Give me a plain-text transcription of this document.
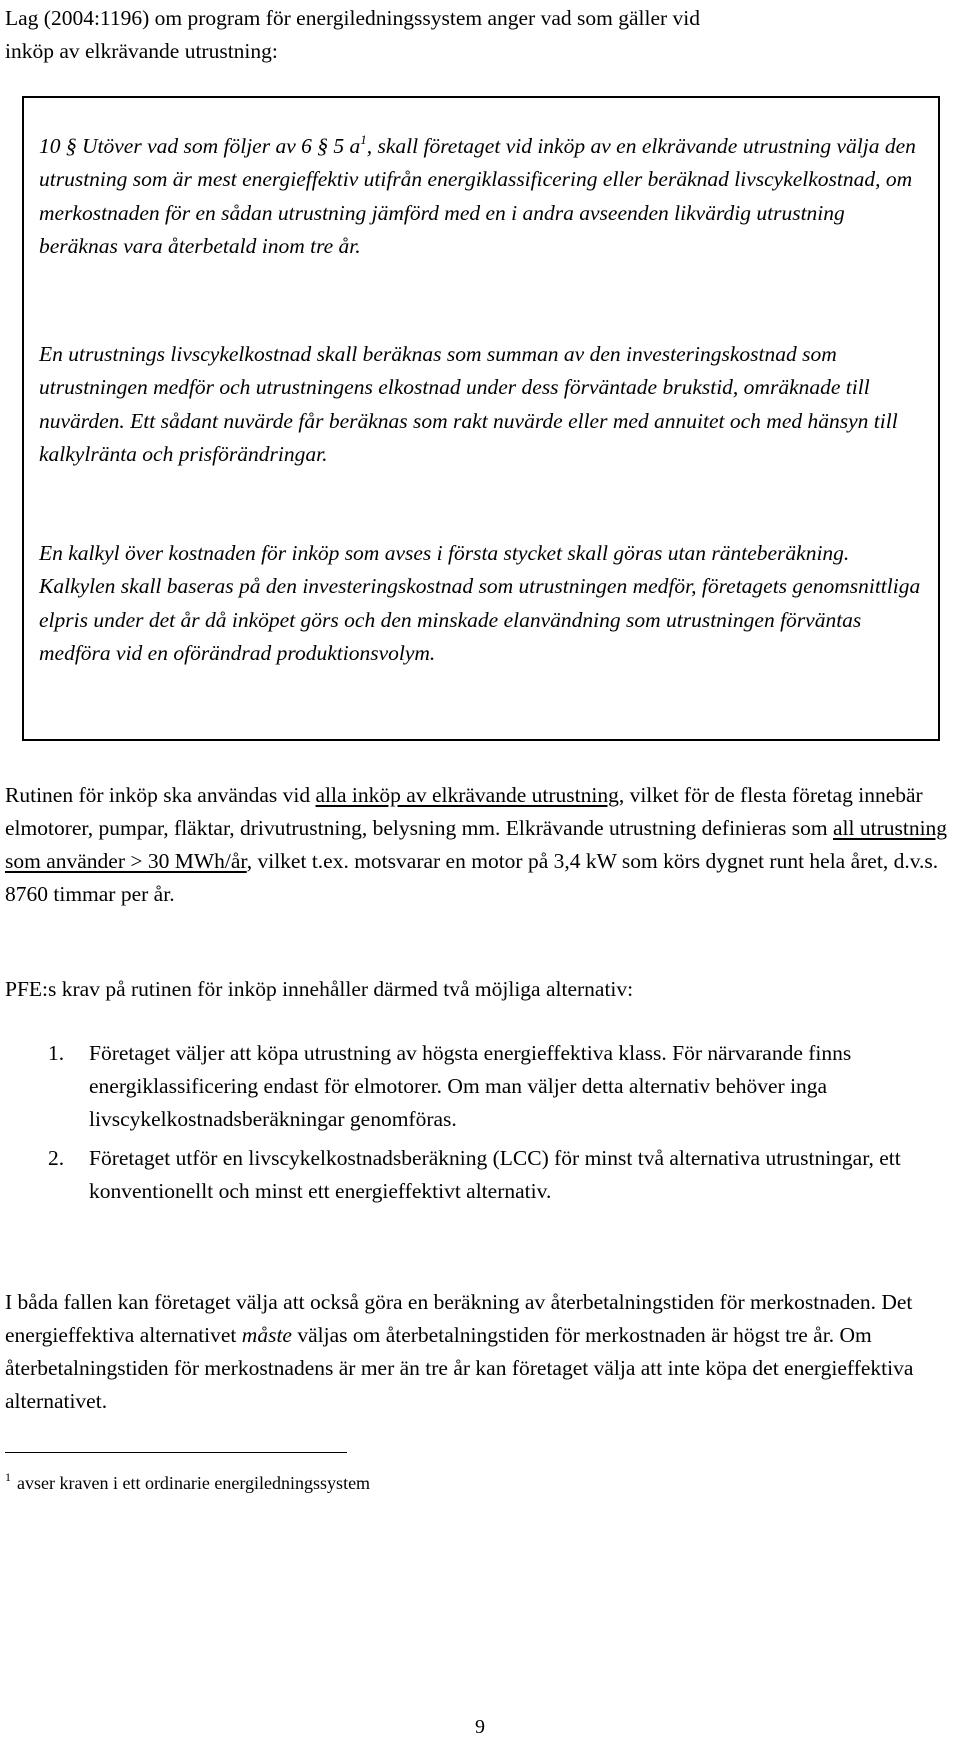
Lag (2004:1196) om program för energiledningssystem anger vad som gäller vid
inköp av elkrävande utrustning:

10 § Utöver vad som följer av 6 § 5 $a^1$, skall företaget vid inköp av en elkrävande utrustning välja den utrustning som är mest energieffektiv utifrån energiklassificering eller beräknad livscykelkostnad, om merkostnaden för en sådan utrustning jämförd med en i andra avseenden likvärdig utrustning beräknas vara återbetald inom tre år.

En utrustnings livscykelkostnad skall beräknas som summan av den investeringskostnad som utrustningen medför och utrustningens elkostnad under dess förväntade brukstid, omräknade till nuvärden. Ett sådant nuvärde får beräknas som rakt nuvärde eller med annuitet och med hänsyn till kalkylränta och prisförändringar.

En kalkyl över kostnaden för inköp som avses i första stycket skall göras utan ränteberäkning. Kalkylen skall baseras på den investeringskostnad som utrustningen medför, företagets genomsnittliga elpris under det år då inköpet görs och den minskade elanvändning som utrustningen förväntas medföra vid en oförändrad produktionsvolym.

Rutinen för inköp ska användas vid alla inköp av elkrävande utrustning, vilket för de flesta företag innebär elmotorer, pumpar, fläktar, drivutrustning, belysning mm. Elkrävande utrustning definieras som all utrustning som använder > 30 MWh/år, vilket t.ex. motsvarar en motor på 3,4 kW som körs dygnet runt hela året, d.v.s. 8760 timmar per år.

PFE:s krav på rutinen för inköp innehåller därmed två möjliga alternativ:

1. Företaget väljer att köpa utrustning av högsta energieffektiva klass. För närvarande finns energiklassificering endast för elmotorer. Om man väljer detta alternativ behöver inga livscykelkostnadsberäkningar genomföras.
2. Företaget utför en livscykelkostnadsberäkning (LCC) för minst två alternativa utrustningar, ett konventionellt och minst ett energieffektivt alternativ.

I båda fallen kan företaget välja att också göra en beräkning av återbetalningstiden för merkostnaden. Det energieffektiva alternativet måste väljas om återbetalningstiden för merkostnaden är högst tre år. Om återbetalningstiden för merkostnadens är mer än tre år kan företaget välja att inte köpa det energieffektiva alternativet.

$^1$ avser kraven i ett ordinarie energiledningssystem

9
